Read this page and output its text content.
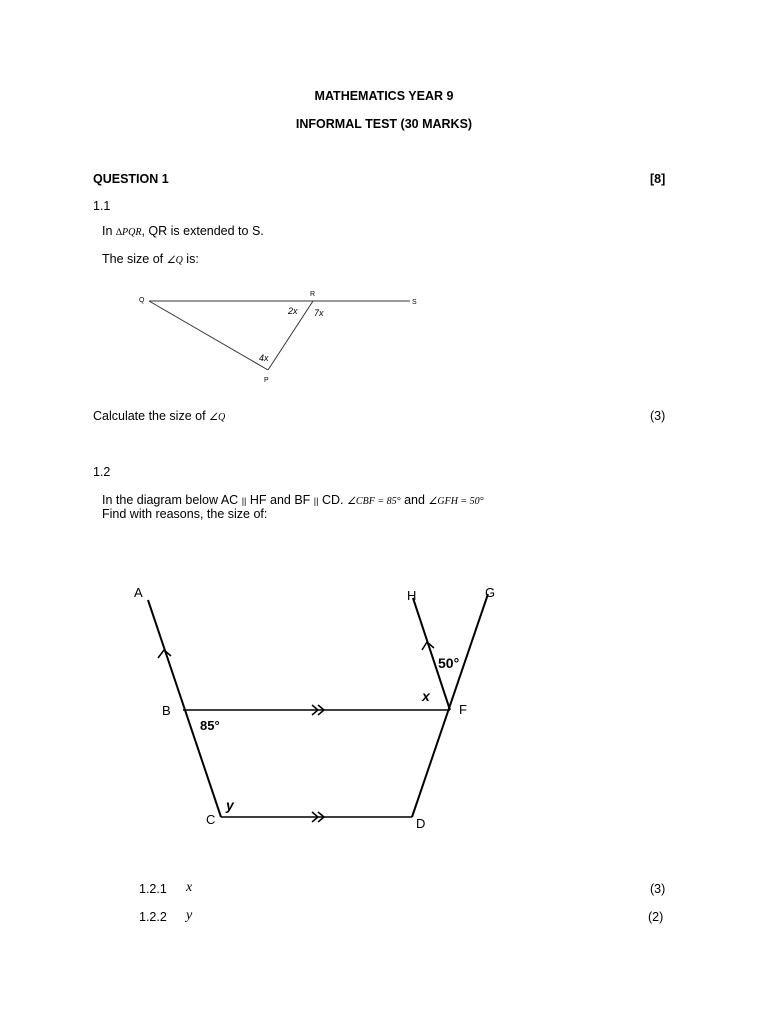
MATHEMATICS YEAR 9
INFORMAL TEST (30 MARKS)
QUESTION 1	[8]
1.1
In ∆PQR, QR is extended to S.
The size of ∠Q is:
Q
R
S
P
2x 7x
4x
Calculate the size of ∠Q	(3)
1.2
In the diagram below AC || HF and BF || CD. ∠CBF = 85° and ∠GFH = 50°
Find with reasons, the size of:
A
B
C	D
F
G
H
85°
50°
x
y
1.2.1 x	(3)
1.2.2 y	(2)
